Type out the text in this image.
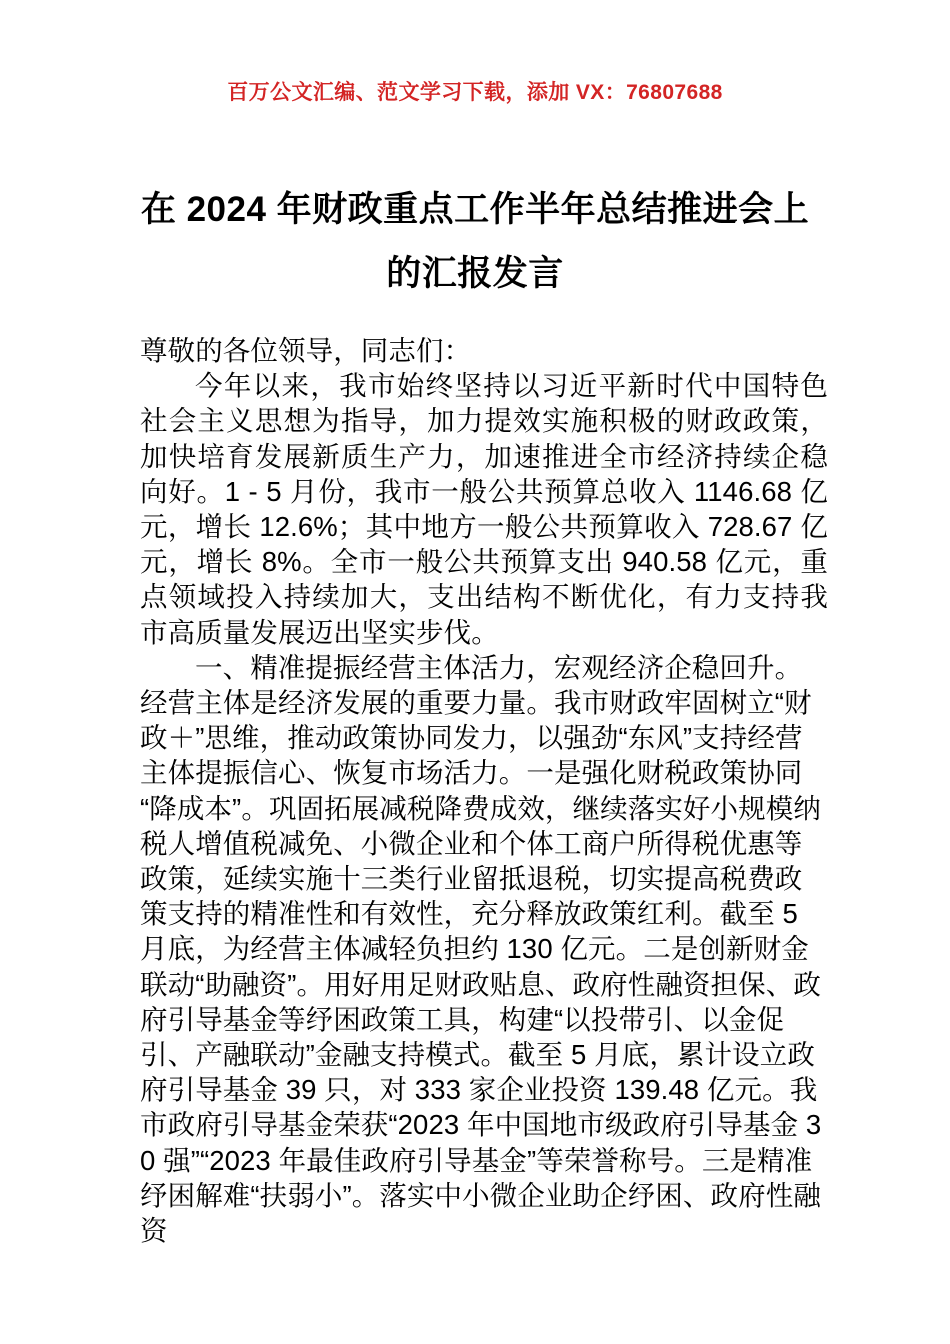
百万公文汇编、范文学习下载，添加 VX：76807688
在 2024 年财政重点工作半年总结推进会上
的汇报发言

尊敬的各位领导，同志们：

今年以来，我市始终坚持以习近平新时代中国特色社会主义思想为指导，加力提效实施积极的财政政策，加快培育发展新质生产力，加速推进全市经济持续企稳向好。1 - 5 月份，我市一般公共预算总收入 1146.68 亿元，增长 12.6%；其中地方一般公共预算收入 728.67 亿元，增长 8%。全市一般公共预算支出 940.58 亿元，重点领域投入持续加大，支出结构不断优化，有力支持我市高质量发展迈出坚实步伐。

一、精准提振经营主体活力，宏观经济企稳回升。经营主体是经济发展的重要力量。我市财政牢固树立“财政＋”思维，推动政策协同发力，以强劲“东风”支持经营主体提振信心、恢复市场活力。一是强化财税政策协同“降成本”。巩固拓展减税降费成效，继续落实好小规模纳税人增值税减免、小微企业和个体工商户所得税优惠等政策，延续实施十三类行业留抵退税，切实提高税费政策支持的精准性和有效性，充分释放政策红利。截至 5 月底，为经营主体减轻负担约 130 亿元。二是创新财金联动“助融资”。用好用足财政贴息、政府性融资担保、政府引导基金等纾困政策工具，构建“以投带引、以金促引、产融联动”金融支持模式。截至 5 月底，累计设立政府引导基金 39 只，对 333 家企业投资 139.48 亿元。我市政府引导基金荣获“2023 年中国地市级政府引导基金 30 强”“2023 年最佳政府引导基金”等荣誉称号。三是精准纾困解难“扶弱小”。落实中小微企业助企纾困、政府性融资
